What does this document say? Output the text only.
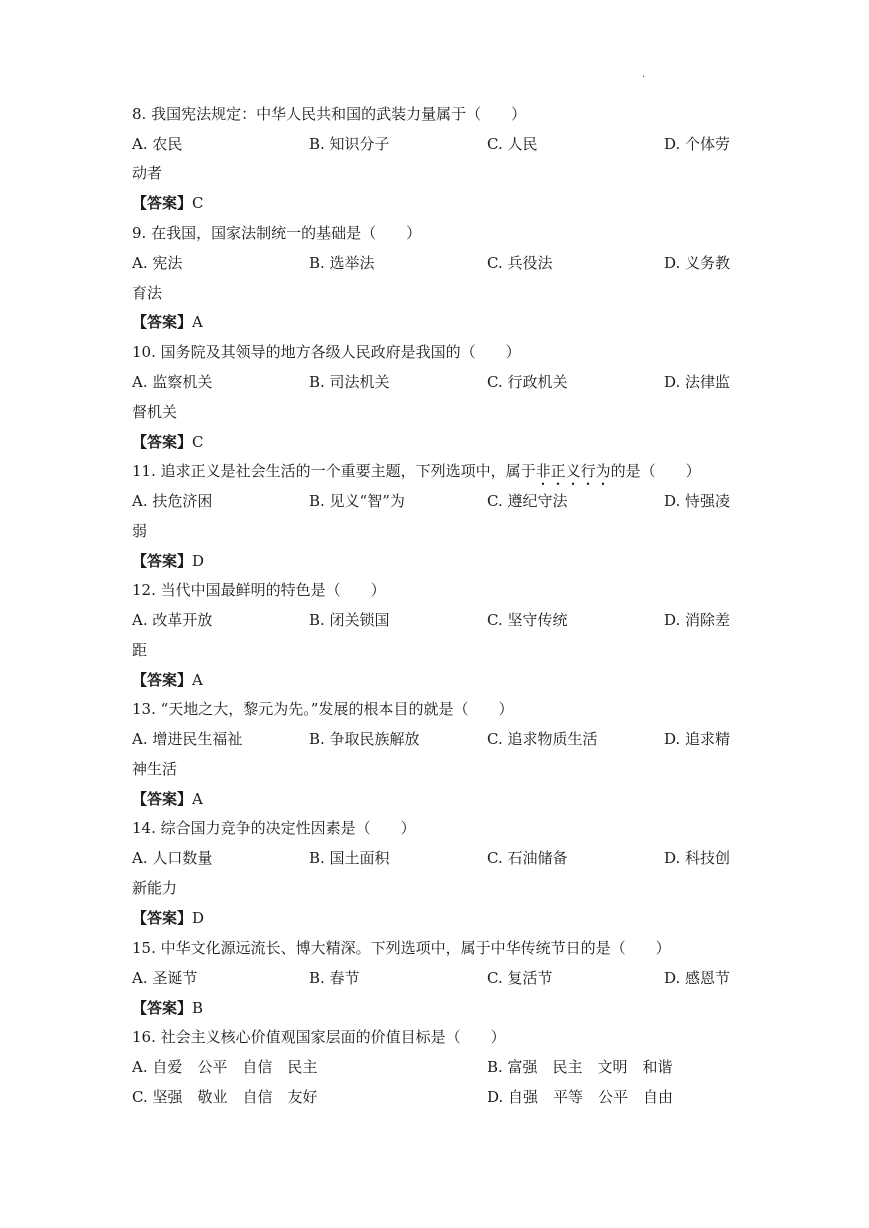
·
8. 我国宪法规定：中华人民共和国的武装力量属于（　　）
A. 农民	B. 知识分子	C. 人民	D. 个体劳
动者
【答案】C
9. 在我国，国家法制统一的基础是（　　）
A. 宪法	B. 选举法	C. 兵役法	D. 义务教
育法
【答案】A
10. 国务院及其领导的地方各级人民政府是我国的（　　）
A. 监察机关	B. 司法机关	C. 行政机关	D. 法律监
督机关
【答案】C
11. 追求正义是社会生活的一个重要主题，下列选项中，属于非正义行为的是（　　）
A. 扶危济困	B. 见义“智”为	C. 遵纪守法	D. 恃强凌
弱
【答案】D
12. 当代中国最鲜明的特色是（　　）
A. 改革开放	B. 闭关锁国	C. 坚守传统	D. 消除差
距
【答案】A
13. “天地之大，黎元为先。”发展的根本目的就是（　　）
A. 增进民生福祉	B. 争取民族解放	C. 追求物质生活	D. 追求精
神生活
【答案】A
14. 综合国力竞争的决定性因素是（　　）
A. 人口数量	B. 国土面积	C. 石油储备	D. 科技创
新能力
【答案】D
15. 中华文化源远流长、博大精深。下列选项中，属于中华传统节日的是（　　）
A. 圣诞节	B. 春节	C. 复活节	D. 感恩节
【答案】B
16. 社会主义核心价值观国家层面的价值目标是（　　）
A. 自爱　公平　自信　民主	B. 富强　民主　文明　和谐
C. 坚强　敬业　自信　友好	D. 自强　平等　公平　自由
